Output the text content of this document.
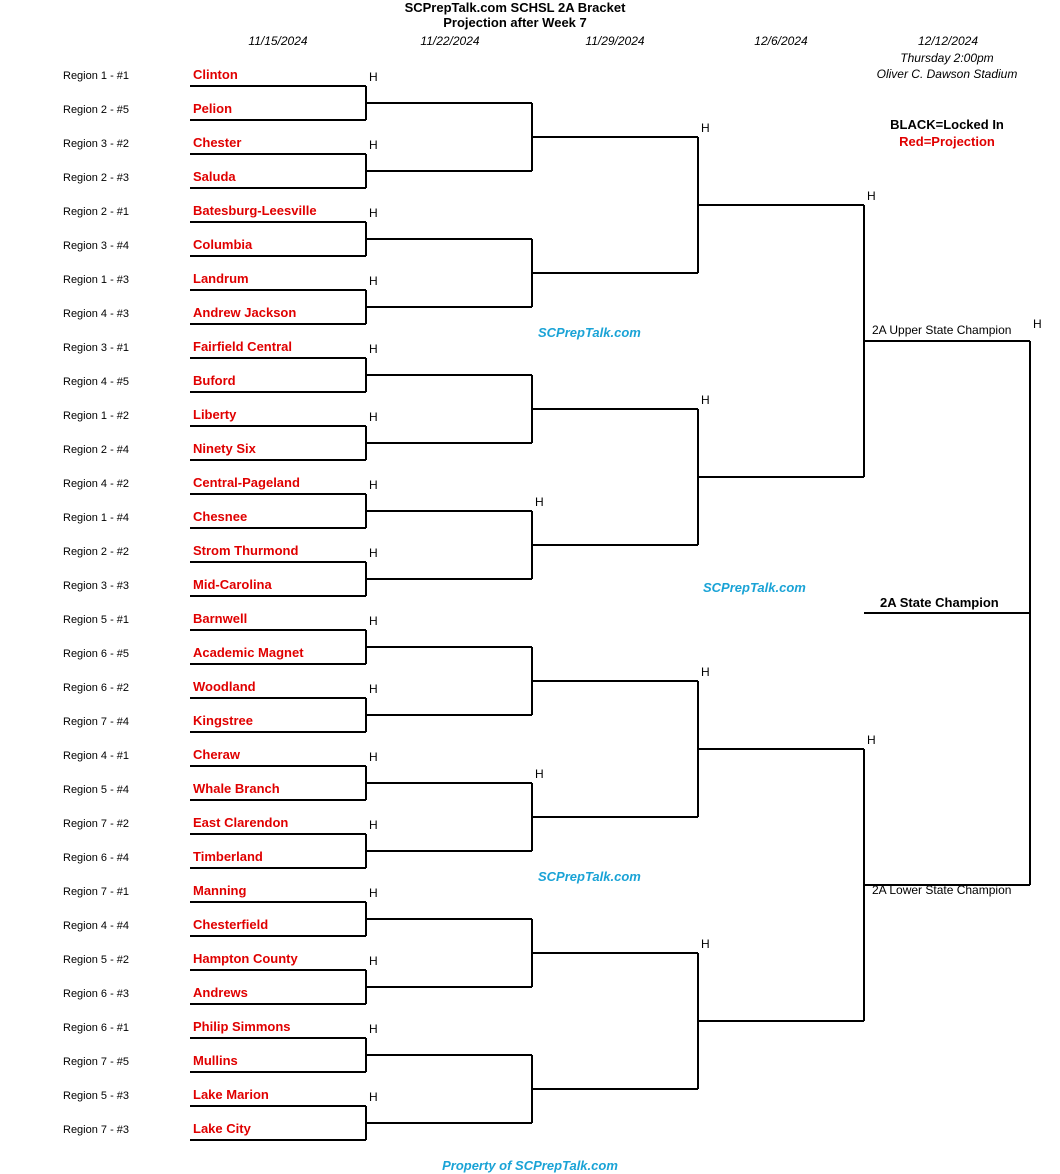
SCPrepTalk.com SCHSL 2A Bracket
Projection after Week 7
11/15/2024	11/22/2024	11/29/2024	12/6/2024	12/12/2024
Thursday 2:00pm
Oliver C. Dawson Stadium
BLACK=Locked In
Red=Projection
Region 1 - #1	Clinton
Region 2 - #5	Pelion
Region 3 - #2	Chester
Region 2 - #3	Saluda
Region 2 - #1	Batesburg-Leesville
Region 3 - #4	Columbia
Region 1 - #3	Landrum
Region 4 - #3	Andrew Jackson
Region 3 - #1	Fairfield Central
Region 4 - #5	Buford
Region 1 - #2	Liberty
Region 2 - #4	Ninety Six
Region 4 - #2	Central-Pageland
Region 1 - #4	Chesnee
Region 2 - #2	Strom Thurmond
Region 3 - #3	Mid-Carolina
Region 5 - #1	Barnwell
Region 6 - #5	Academic Magnet
Region 6 - #2	Woodland
Region 7 - #4	Kingstree
Region 4 - #1	Cheraw
Region 5 - #4	Whale Branch
Region 7 - #2	East Clarendon
Region 6 - #4	Timberland
Region 7 - #1	Manning
Region 4 - #4	Chesterfield
Region 5 - #2	Hampton County
Region 6 - #3	Andrews
Region 6 - #1	Philip Simmons
Region 7 - #5	Mullins
Region 5 - #3	Lake Marion
Region 7 - #3	Lake City
H
H
H
H
H
H
H
H
H
H
H
H
H
H
H
H
H
H
H
H
H
H
H
H
H
SCPrepTalk.com
SCPrepTalk.com
SCPrepTalk.com
2A Upper State Champion
2A State Champion
2A Lower State Champion
Property of SCPrepTalk.com
